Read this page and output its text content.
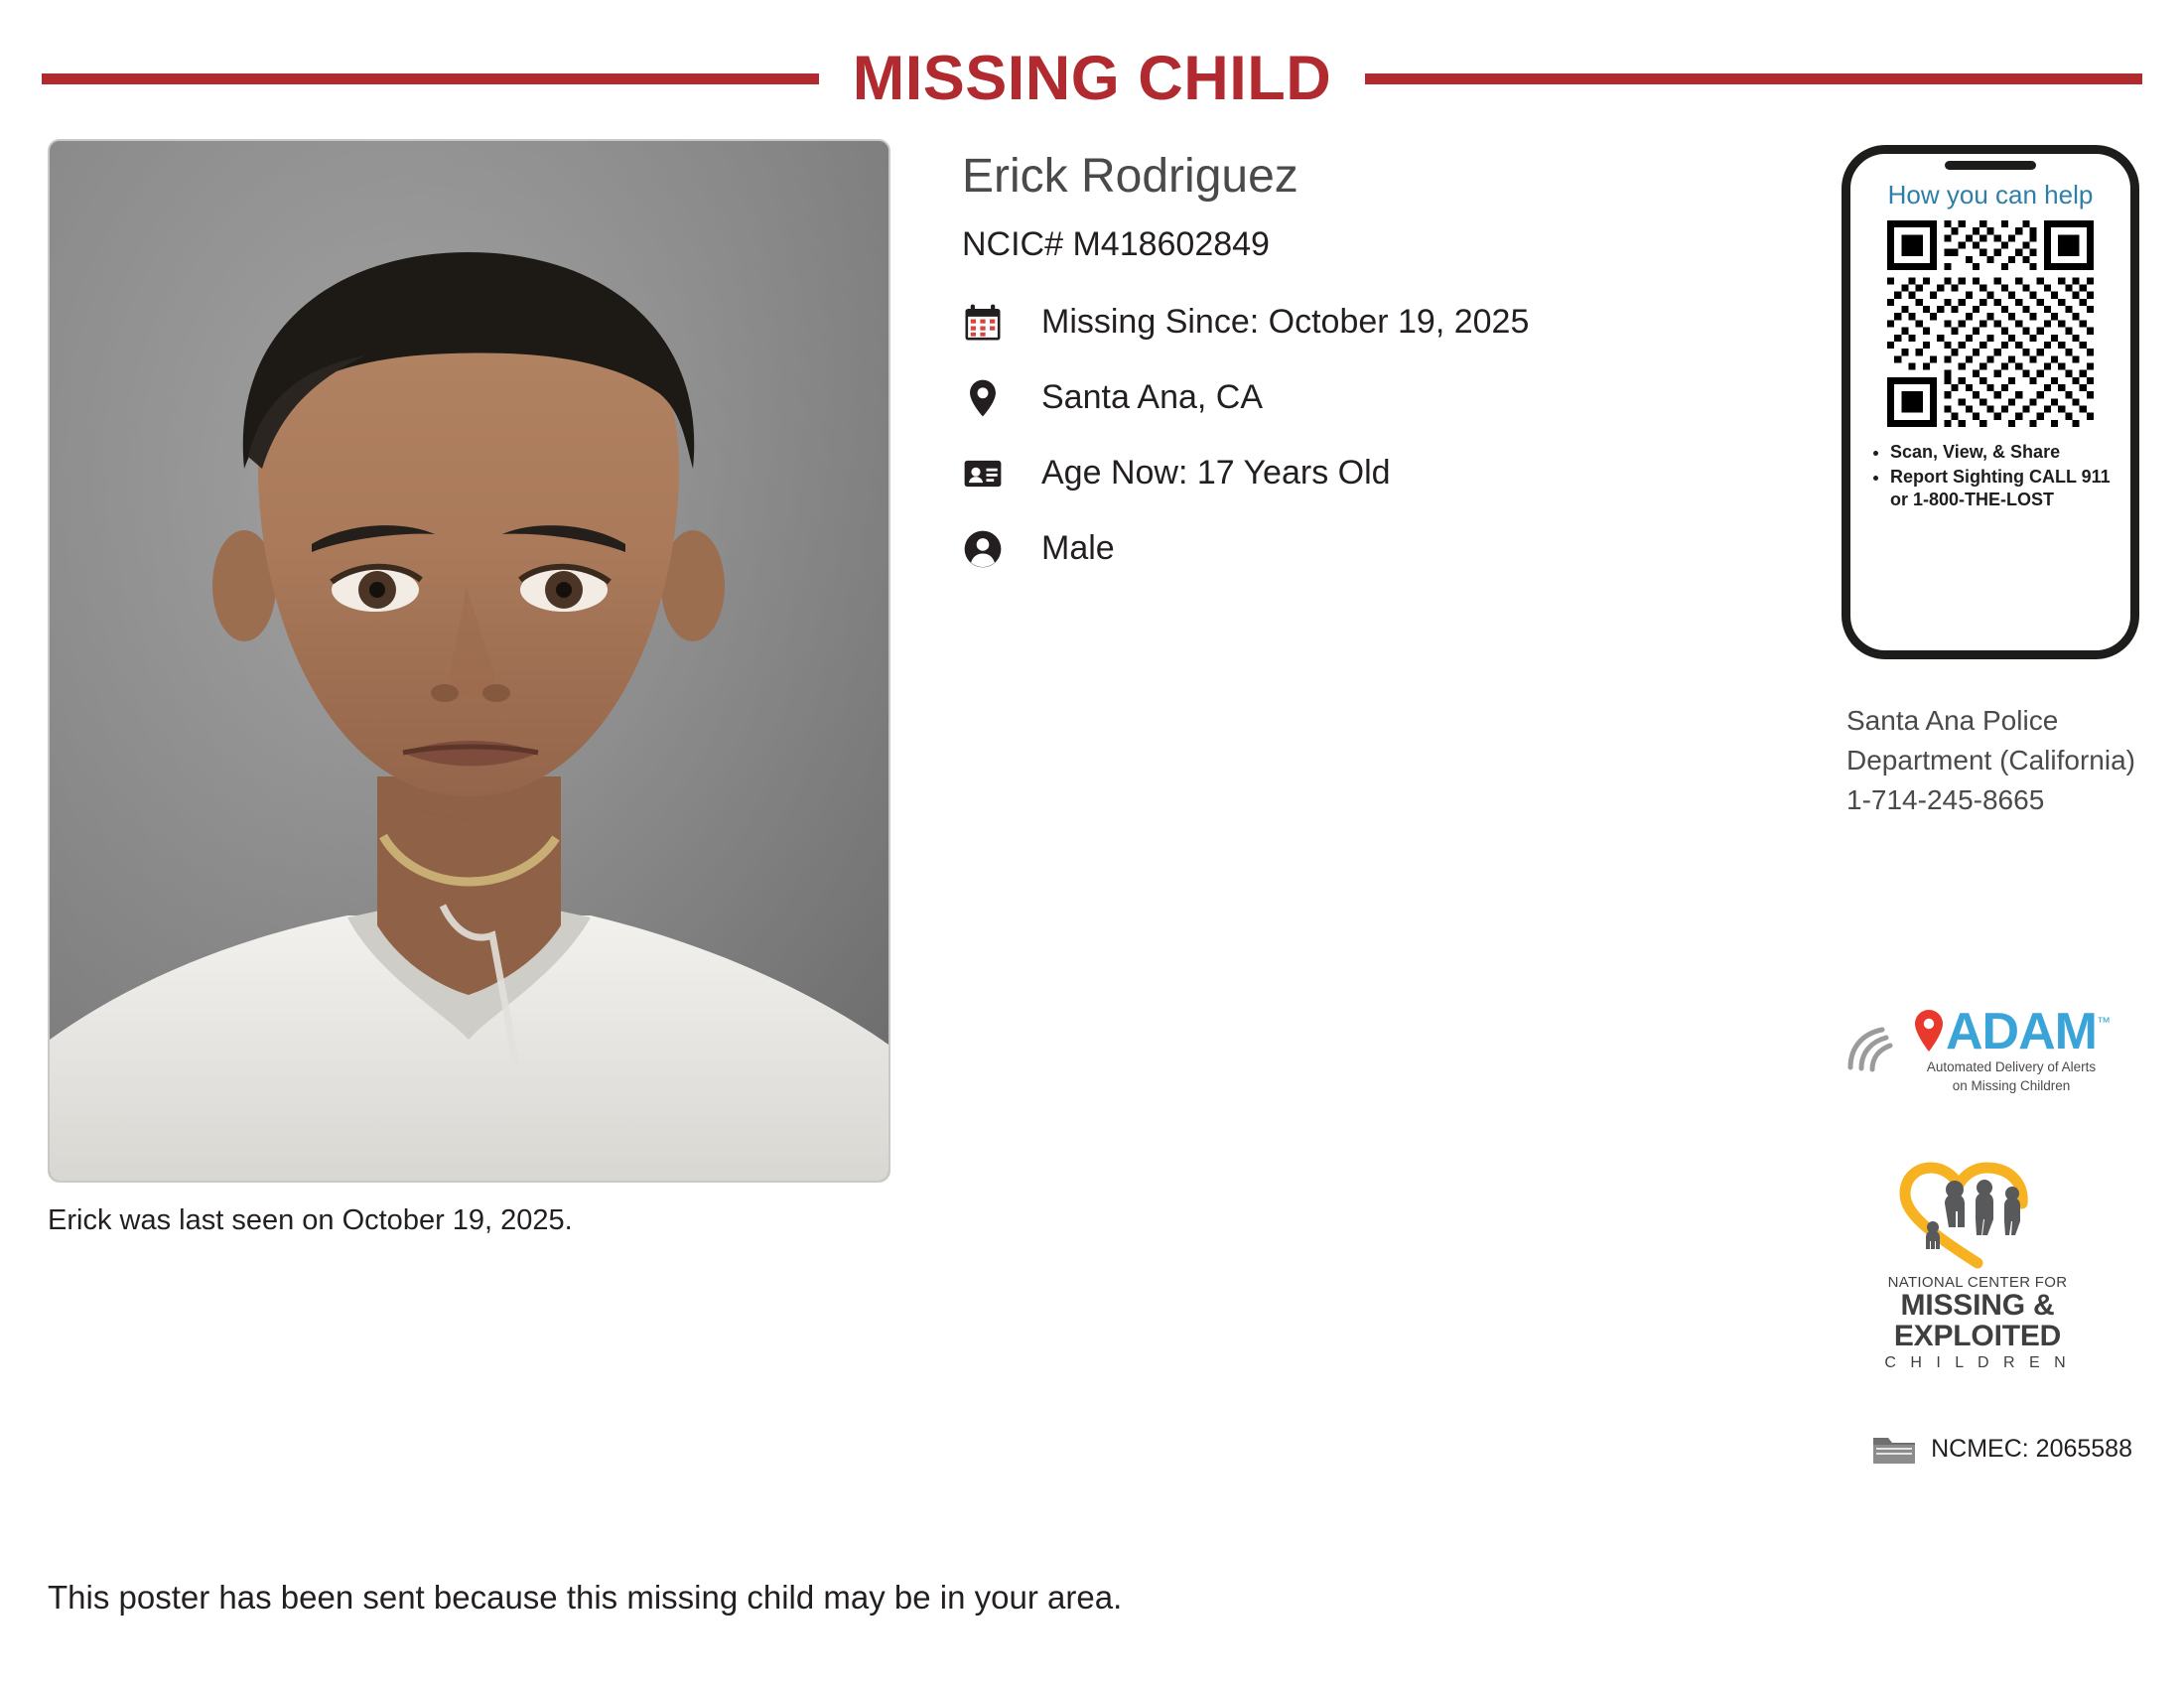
MISSING CHILD
Erick was last seen on October 19, 2025.
Erick Rodriguez
NCIC# M418602849
Missing Since: October 19, 2025
Santa Ana, CA
Age Now: 17 Years Old
Male
How you can help
• Scan, View, & Share
• Report Sighting CALL 911 or 1-800-THE-LOST
Santa Ana Police Department (California) 1-714-245-8665
ADAM ™
Automated Delivery of Alerts
on Missing Children
NATIONAL CENTER FOR
MISSING &
EXPLOITED
C H I L D R E N
NCMEC: 2065588
This poster has been sent because this missing child may be in your area.
